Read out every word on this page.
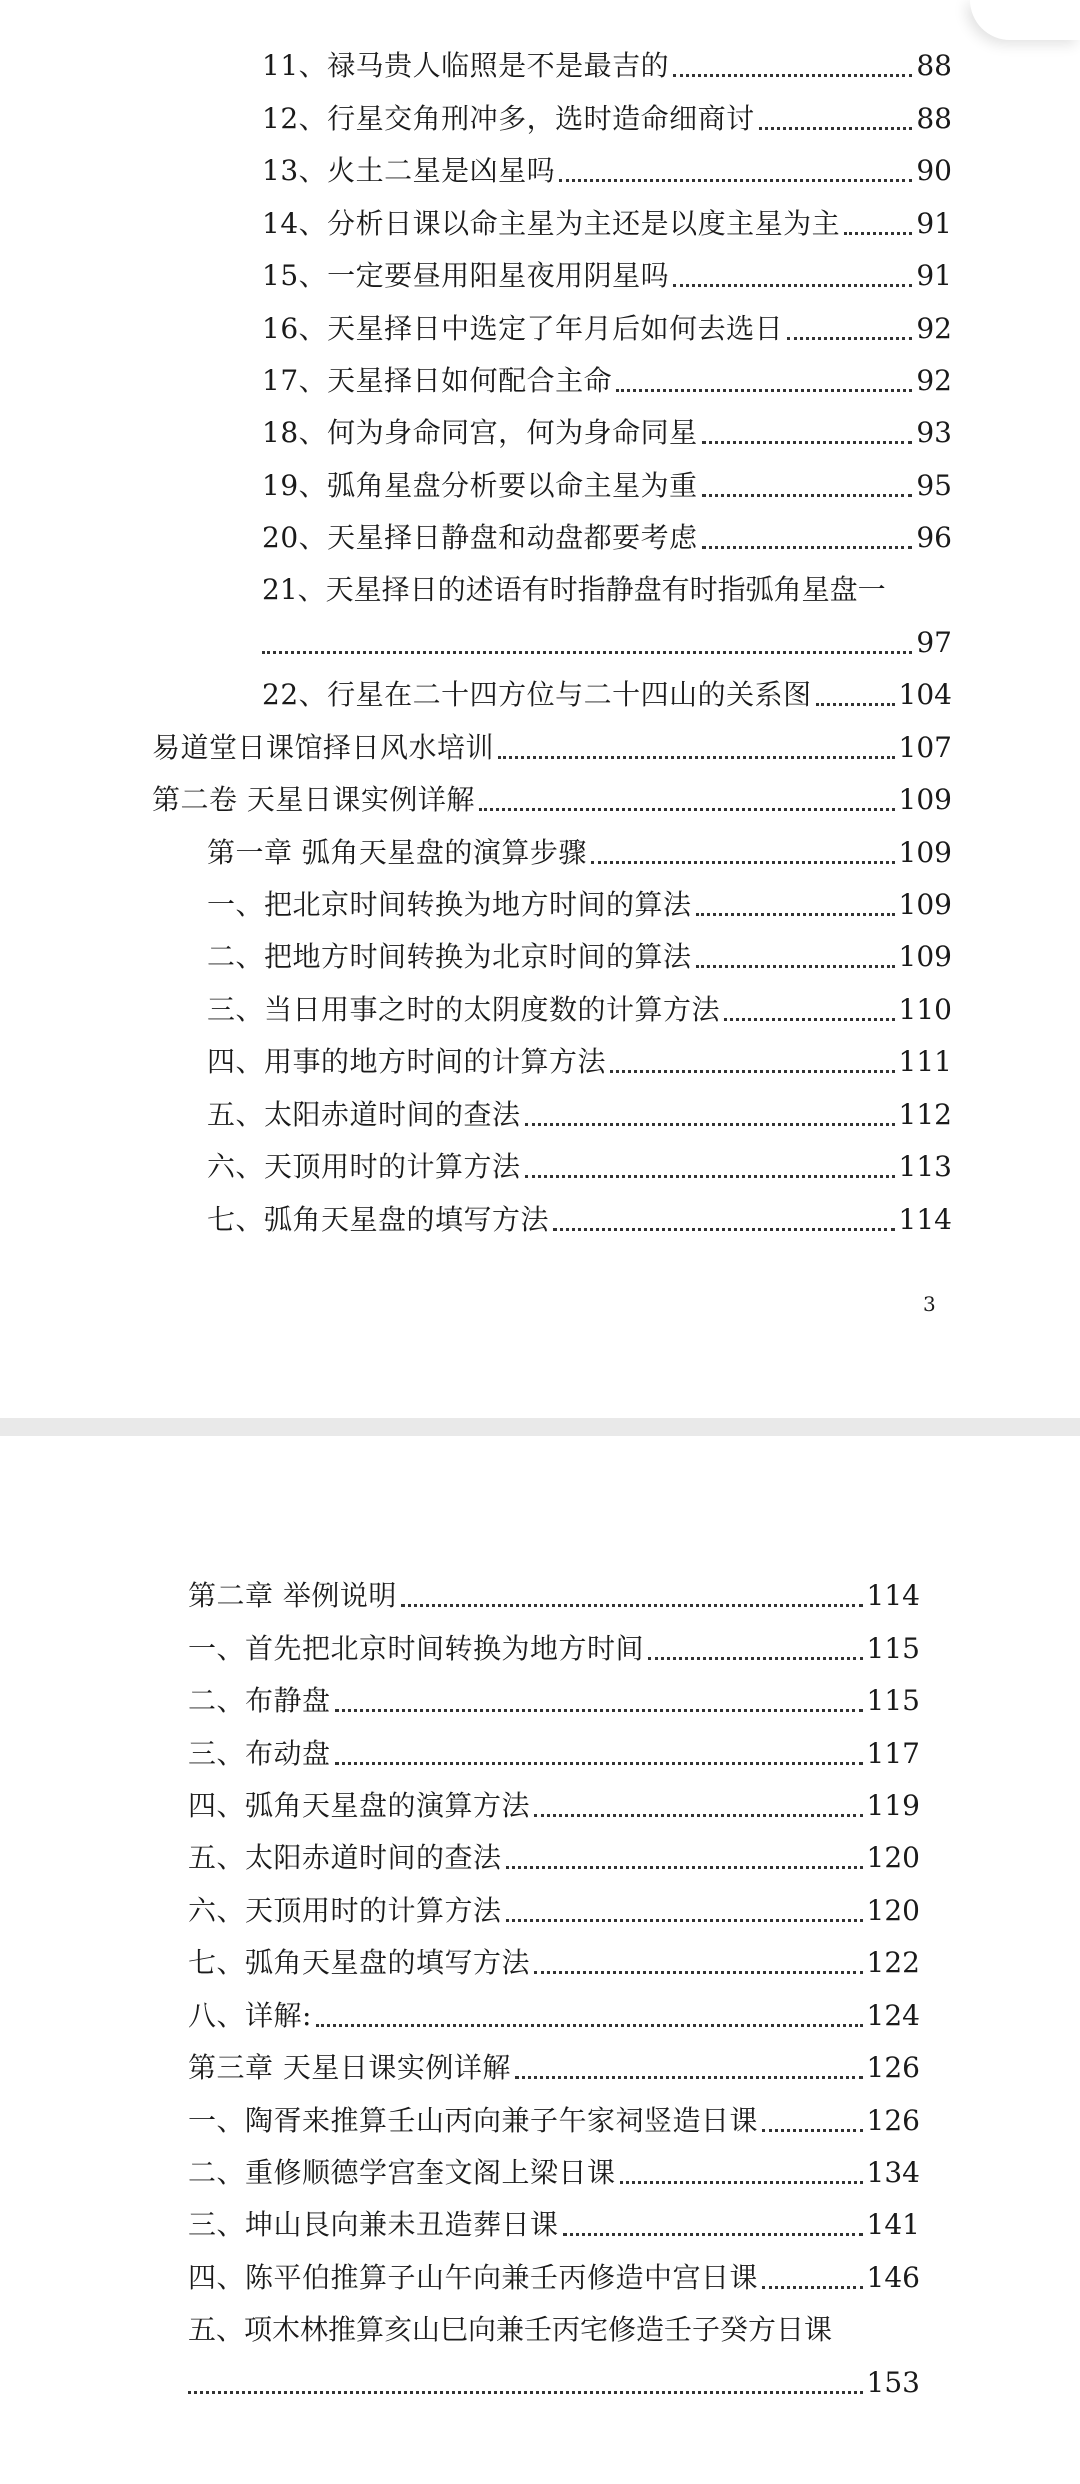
11、禄马贵人临照是不是最吉的	88
12、行星交角刑冲多，选时造命细商讨	88
13、火土二星是凶星吗	90
14、分析日课以命主星为主还是以度主星为主	91
15、一定要昼用阳星夜用阴星吗	91
16、天星择日中选定了年月后如何去选日	92
17、天星择日如何配合主命	92
18、何为身命同宫，何为身命同星	93
19、弧角星盘分析要以命主星为重	95
20、天星择日静盘和动盘都要考虑	96
21、天星择日的述语有时指静盘有时指弧角星盘一
97
22、行星在二十四方位与二十四山的关系图	104
易道堂日课馆择日风水培训	107
第二卷 天星日课实例详解	109
第一章 弧角天星盘的演算步骤	109
一、把北京时间转换为地方时间的算法	109
二、把地方时间转换为北京时间的算法	109
三、当日用事之时的太阴度数的计算方法	110
四、用事的地方时间的计算方法	111
五、太阳赤道时间的查法	112
六、天顶用时的计算方法	113
七、弧角天星盘的填写方法	114
3
第二章 举例说明	114
一、首先把北京时间转换为地方时间	115
二、布静盘	115
三、布动盘	117
四、弧角天星盘的演算方法	119
五、太阳赤道时间的查法	120
六、天顶用时的计算方法	120
七、弧角天星盘的填写方法	122
八、详解:	124
第三章 天星日课实例详解	126
一、陶胥来推算壬山丙向兼子午家祠竖造日课	126
二、重修顺德学宫奎文阁上梁日课	134
三、坤山艮向兼未丑造葬日课	141
四、陈平伯推算子山午向兼壬丙修造中宫日课	146
五、项木林推算亥山巳向兼壬丙宅修造壬子癸方日课
153
